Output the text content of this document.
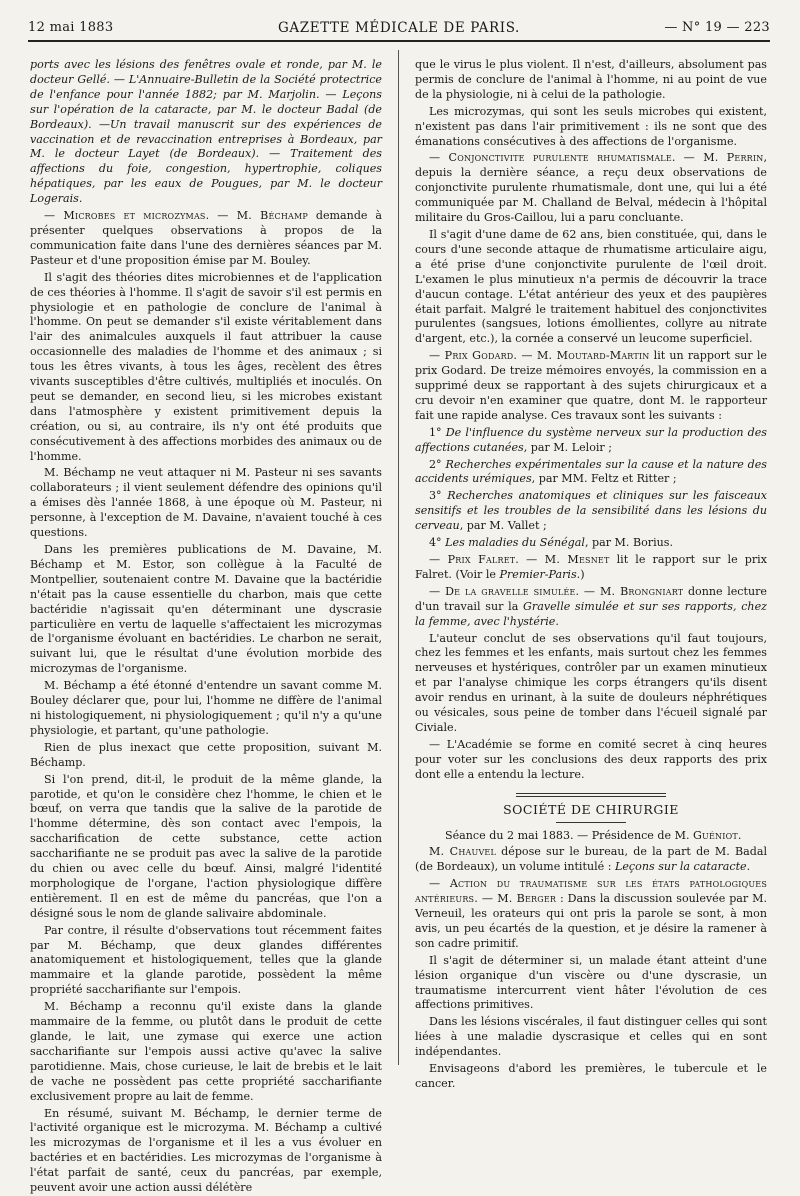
12 mai 1883	GAZETTE MÉDICALE DE PARIS.	— N° 19 — 223

ports avec les lésions des fenêtres ovale et ronde, par M. le docteur Gellé. — L'Annuaire-Bulletin de la Société protectrice de l'enfance pour l'année 1882; par M. Marjolin. — Leçons sur l'opération de la cataracte, par M. le docteur Badal (de Bordeaux). —Un travail manuscrit sur des expériences de vaccination et de revaccination entreprises à Bordeaux, par M. le docteur Layet (de Bordeaux). — Traitement des affections du foie, congestion, hypertrophie, coliques hépatiques, par les eaux de Pougues, par M. le docteur Logerais.

— Microbes et microzymas. — M. Béchamp demande à présenter quelques observations à propos de la communication faite dans l'une des dernières séances par M. Pasteur et d'une proposition émise par M. Bouley.

Il s'agit des théories dites microbiennes et de l'application de ces théories à l'homme. Il s'agit de savoir s'il est permis en physiologie et en pathologie de conclure de l'animal à l'homme. On peut se demander s'il existe véritablement dans l'air des animalcules auxquels il faut attribuer la cause occasionnelle des maladies de l'homme et des animaux ; si tous les êtres vivants, à tous les âges, recèlent des êtres vivants susceptibles d'être cultivés, multipliés et inoculés. On peut se demander, en second lieu, si les microbes existant dans l'atmosphère y existent primitivement depuis la création, ou si, au contraire, ils n'y ont été produits que consécutivement à des affections morbides des animaux ou de l'homme.

M. Béchamp ne veut attaquer ni M. Pasteur ni ses savants collaborateurs ; il vient seulement défendre des opinions qu'il a émises dès l'année 1868, à une époque où M. Pasteur, ni personne, à l'exception de M. Davaine, n'avaient touché à ces questions.

Dans les premières publications de M. Davaine, M. Béchamp et M. Estor, son collègue à la Faculté de Montpellier, soutenaient contre M. Davaine que la bactéridie n'était pas la cause essentielle du charbon, mais que cette bactéridie n'agissait qu'en déterminant une dyscrasie particulière en vertu de laquelle s'affectaient les microzymas de l'organisme évoluant en bactéridies. Le charbon ne serait, suivant lui, que le résultat d'une évolution morbide des microzymas de l'organisme.

M. Béchamp a été étonné d'entendre un savant comme M. Bouley déclarer que, pour lui, l'homme ne diffère de l'animal ni histologiquement, ni physiologiquement ; qu'il n'y a qu'une physiologie, et partant, qu'une pathologie.

Rien de plus inexact que cette proposition, suivant M. Béchamp.

Si l'on prend, dit-il, le produit de la même glande, la parotide, et qu'on le considère chez l'homme, le chien et le bœuf, on verra que tandis que la salive de la parotide de l'homme détermine, dès son contact avec l'empois, la saccharification de cette substance, cette action saccharifiante ne se produit pas avec la salive de la parotide du chien ou avec celle du bœuf. Ainsi, malgré l'identité morphologique de l'organe, l'action physiologique diffère entièrement. Il en est de même du pancréas, que l'on a désigné sous le nom de glande salivaire abdominale.

Par contre, il résulte d'observations tout récemment faites par M. Béchamp, que deux glandes différentes anatomiquement et histologiquement, telles que la glande mammaire et la glande parotide, possèdent la même propriété saccharifiante sur l'empois.

M. Béchamp a reconnu qu'il existe dans la glande mammaire de la femme, ou plutôt dans le produit de cette glande, le lait, une zymase qui exerce une action saccharifiante sur l'empois aussi active qu'avec la salive parotidienne. Mais, chose curieuse, le lait de brebis et le lait de vache ne possèdent pas cette propriété saccharifiante exclusivement propre au lait de femme.

En résumé, suivant M. Béchamp, le dernier terme de l'activité organique est le microzyma. M. Béchamp a cultivé les microzymas de l'organisme et il les a vus évoluer en bactéries et en bactéridies. Les microzymas de l'organisme à l'état parfait de santé, ceux du pancréas, par exemple, peuvent avoir une action aussi délétère

que le virus le plus violent. Il n'est, d'ailleurs, absolument pas permis de conclure de l'animal à l'homme, ni au point de vue de la physiologie, ni à celui de la pathologie.

Les microzymas, qui sont les seuls microbes qui existent, n'existent pas dans l'air primitivement : ils ne sont que des émanations consécutives à des affections de l'organisme.

— Conjonctivite purulente rhumatismale. — M. Perrin, depuis la dernière séance, a reçu deux observations de conjonctivite purulente rhumatismale, dont une, qui lui a été communiquée par M. Challand de Belval, médecin à l'hôpital militaire du Gros-Caillou, lui a paru concluante.

Il s'agit d'une dame de 62 ans, bien constituée, qui, dans le cours d'une seconde attaque de rhumatisme articulaire aigu, a été prise d'une conjonctivite purulente de l'œil droit. L'examen le plus minutieux n'a permis de découvrir la trace d'aucun contage. L'état antérieur des yeux et des paupières était parfait. Malgré le traitement habituel des conjonctivites purulentes (sangsues, lotions émollientes, collyre au nitrate d'argent, etc.), la cornée a conservé un leucome superficiel.

— Prix Godard. — M. Moutard-Martin lit un rapport sur le prix Godard. De treize mémoires envoyés, la commission en a supprimé deux se rapportant à des sujets chirurgicaux et a cru devoir n'en examiner que quatre, dont M. le rapporteur fait une rapide analyse. Ces travaux sont les suivants :

1° De l'influence du système nerveux sur la production des affections cutanées, par M. Leloir ;

2° Recherches expérimentales sur la cause et la nature des accidents urémiques, par MM. Feltz et Ritter ;

3° Recherches anatomiques et cliniques sur les faisceaux sensitifs et les troubles de la sensibilité dans les lésions du cerveau, par M. Vallet ;

4° Les maladies du Sénégal, par M. Borius.

— Prix Falret. — M. Mesnet lit le rapport sur le prix Falret. (Voir le Premier-Paris.)

— De la gravelle simulée. — M. Brongniart donne lecture d'un travail sur la Gravelle simulée et sur ses rapports, chez la femme, avec l'hystérie.

L'auteur conclut de ses observations qu'il faut toujours, chez les femmes et les enfants, mais surtout chez les femmes nerveuses et hystériques, contrôler par un examen minutieux et par l'analyse chimique les corps étrangers qu'ils disent avoir rendus en urinant, à la suite de douleurs néphrétiques ou vésicales, sous peine de tomber dans l'écueil signalé par Civiale.

— L'Académie se forme en comité secret à cinq heures pour voter sur les conclusions des deux rapports des prix dont elle a entendu la lecture.

SOCIÉTÉ DE CHIRURGIE

Séance du 2 mai 1883. — Présidence de M. Guéniot.

M. Chauvel dépose sur le bureau, de la part de M. Badal (de Bordeaux), un volume intitulé : Leçons sur la cataracte.

— Action du traumatisme sur les états pathologiques antérieurs. — M. Berger : Dans la discussion soulevée par M. Verneuil, les orateurs qui ont pris la parole se sont, à mon avis, un peu écartés de la question, et je désire la ramener à son cadre primitif.

Il s'agit de déterminer si, un malade étant atteint d'une lésion organique d'un viscère ou d'une dyscrasie, un traumatisme intercurrent vient hâter l'évolution de ces affections primitives.

Dans les lésions viscérales, il faut distinguer celles qui sont liées à une maladie dyscrasique et celles qui en sont indépendantes.

Envisageons d'abord les premières, le tubercule et le cancer.
